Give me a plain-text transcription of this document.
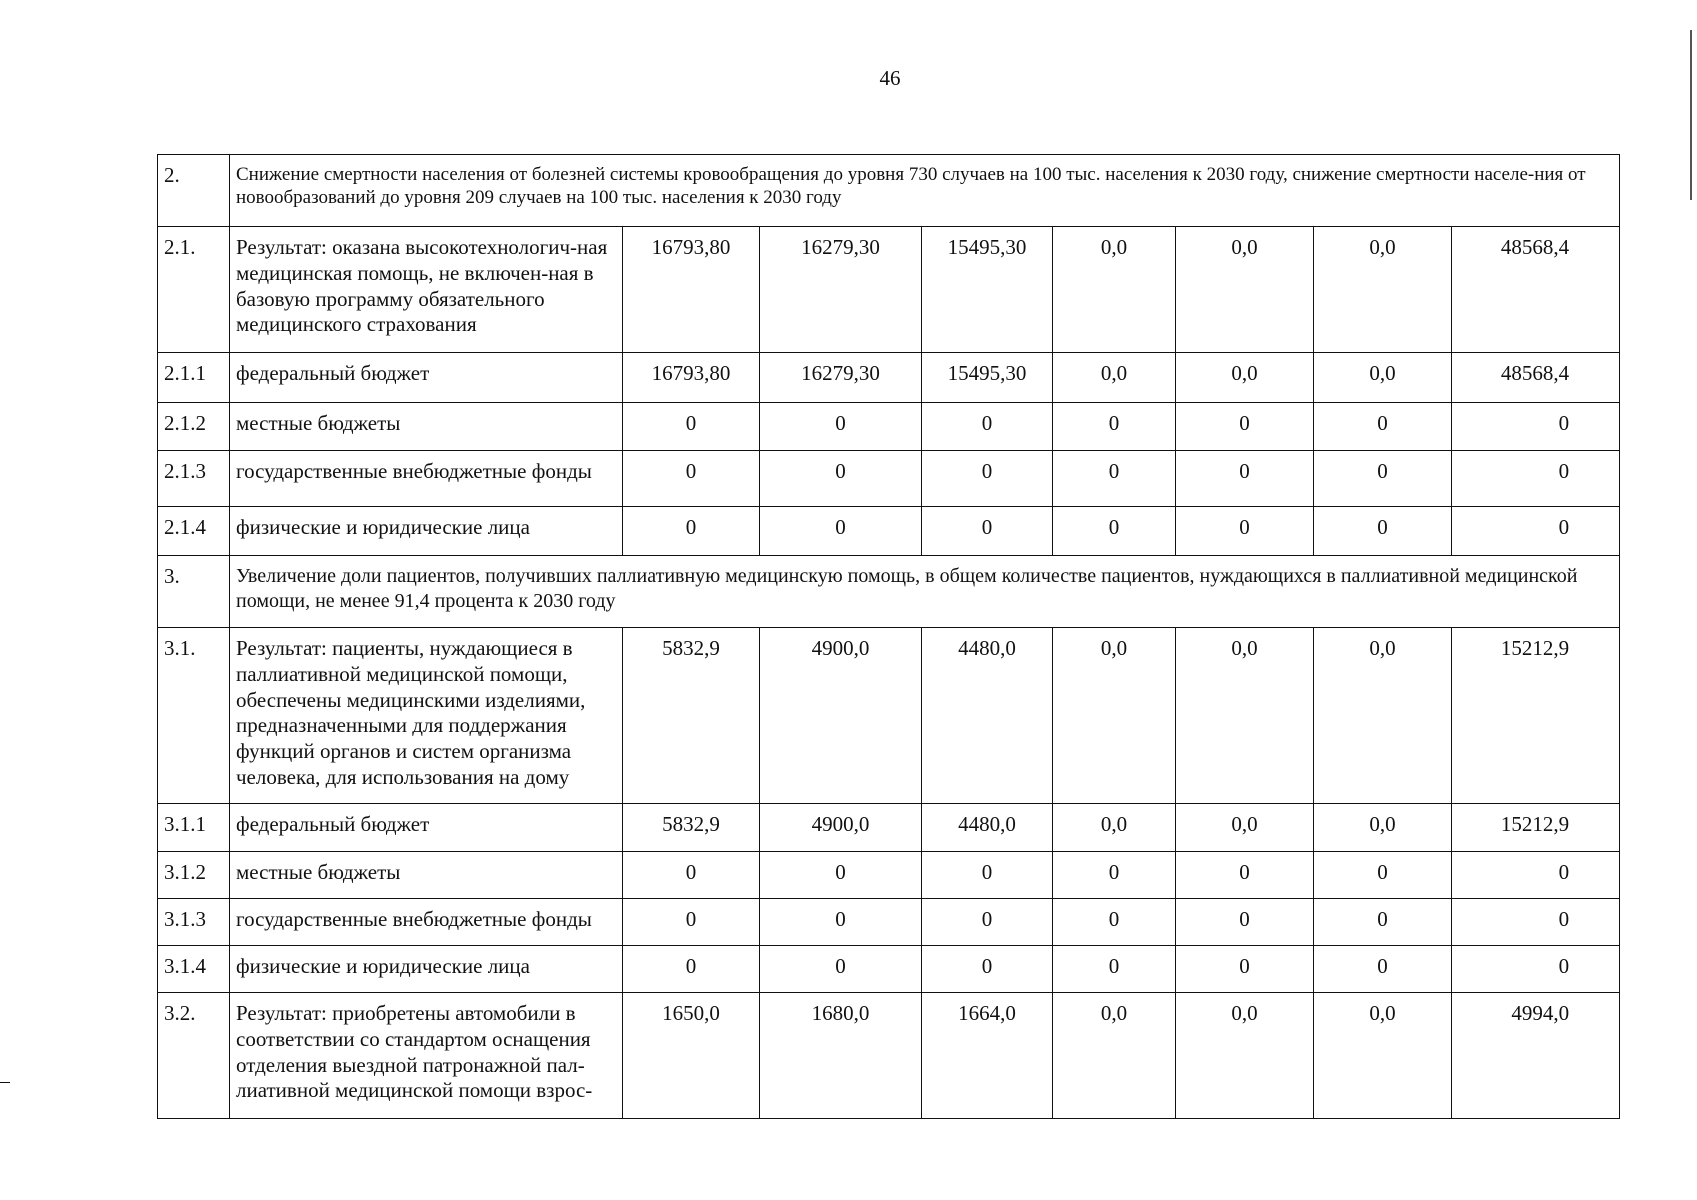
46
2.	Снижение смертности населения от болезней системы кровообращения до уровня 730 случаев на 100 тыс. населения к 2030 году, снижение смертности населе-ния от новообразований до уровня 209 случаев на 100 тыс. населения к 2030 году							
2.1.	Результат: оказана высокотехнологич-ная медицинская помощь, не включен-ная в базовую программу обязательного медицинского страхования	16793,80	16279,30	15495,30	0,0	0,0	0,0	48568,4
2.1.1	федеральный бюджет	16793,80	16279,30	15495,30	0,0	0,0	0,0	48568,4
2.1.2	местные бюджеты	0	0	0	0	0	0	0
2.1.3	государственные внебюджетные фонды	0	0	0	0	0	0	0
2.1.4	физические и юридические лица	0	0	0	0	0	0	0
3.	Увеличение доли пациентов, получивших паллиативную медицинскую помощь, в общем количестве пациентов, нуждающихся в паллиативной медицинской помощи, не менее 91,4 процента к 2030 году							
3.1.	Результат: пациенты, нуждающиеся в паллиативной медицинской помощи, обеспечены медицинскими изделиями, предназначенными для поддержания функций органов и систем организма человека, для использования на дому	5832,9	4900,0	4480,0	0,0	0,0	0,0	15212,9
3.1.1	федеральный бюджет	5832,9	4900,0	4480,0	0,0	0,0	0,0	15212,9
3.1.2	местные бюджеты	0	0	0	0	0	0	0
3.1.3	государственные внебюджетные фонды	0	0	0	0	0	0	0
3.1.4	физические и юридические лица	0	0	0	0	0	0	0
3.2.	Результат: приобретены автомобили в соответствии со стандартом оснащения отделения выездной патронажной пал-лиативной медицинской помощи взрос-	1650,0	1680,0	1664,0	0,0	0,0	0,0	4994,0
